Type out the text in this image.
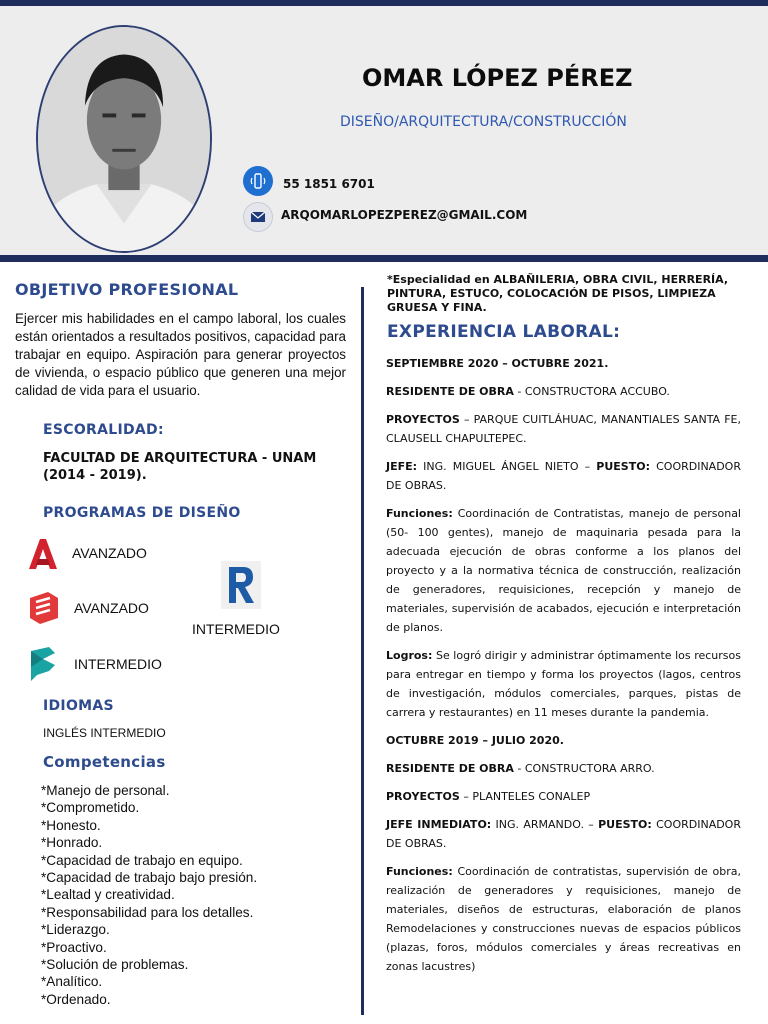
OMAR LÓPEZ PÉREZ
DISEÑO/ARQUITECTURA/CONSTRUCCIÓN
55 1851 6701
ARQOMARLOPEZPEREZ@GMAIL.COM
OBJETIVO PROFESIONAL
Ejercer mis habilidades en el campo laboral, los cuales están orientados a resultados positivos, capacidad para trabajar en equipo. Aspiración para generar proyectos de vivienda, o espacio público que generen una mejor calidad de vida para el usuario.
ESCORALIDAD:
FACULTAD DE ARQUITECTURA - UNAM (2014 - 2019).
PROGRAMAS DE DISEÑO
AVANZADO
AVANZADO
INTERMEDIO
INTERMEDIO
IDIOMAS
INGLÉS INTERMEDIO
Competencias
*Manejo de personal.
*Comprometido.
*Honesto.
*Honrado.
*Capacidad de trabajo en equipo.
*Capacidad de trabajo bajo presión.
*Lealtad y creatividad.
*Responsabilidad para los detalles.
*Liderazgo.
*Proactivo.
*Solución de problemas.
*Analítico.
*Ordenado.
*Especialidad en ALBAÑILERIA, OBRA CIVIL, HERRERÍA, PINTURA, ESTUCO, COLOCACIÓN DE PISOS, LIMPIEZA GRUESA Y FINA.
EXPERIENCIA LABORAL:

SEPTIEMBRE 2020 – OCTUBRE 2021.

RESIDENTE DE OBRA - CONSTRUCTORA ACCUBO.

PROYECTOS – PARQUE CUITLÁHUAC, MANANTIALES SANTA FE, CLAUSELL CHAPULTEPEC.

JEFE: ING. MIGUEL ÁNGEL NIETO – PUESTO: COORDINADOR DE OBRAS.

Funciones: Coordinación de Contratistas, manejo de personal (50- 100 gentes), manejo de maquinaria pesada para la adecuada ejecución de obras conforme a los planos del proyecto y a la normativa técnica de construcción, realización de generadores, requisiciones, recepción y manejo de materiales, supervisión de acabados, ejecución e interpretación de planos.

Logros: Se logró dirigir y administrar óptimamente los recursos para entregar en tiempo y forma los proyectos (lagos, centros de investigación, módulos comerciales, parques, pistas de carrera y restaurantes) en 11 meses durante la pandemia.

OCTUBRE 2019 – JULIO 2020.

RESIDENTE DE OBRA - CONSTRUCTORA ARRO.

PROYECTOS – PLANTELES CONALEP

JEFE INMEDIATO: ING. ARMANDO. – PUESTO: COORDINADOR DE OBRAS.

Funciones: Coordinación de contratistas, supervisión de obra, realización de generadores y requisiciones, manejo de materiales, diseños de estructuras, elaboración de planos Remodelaciones y construcciones nuevas de espacios públicos (plazas, foros, módulos comerciales y áreas recreativas en zonas lacustres)
